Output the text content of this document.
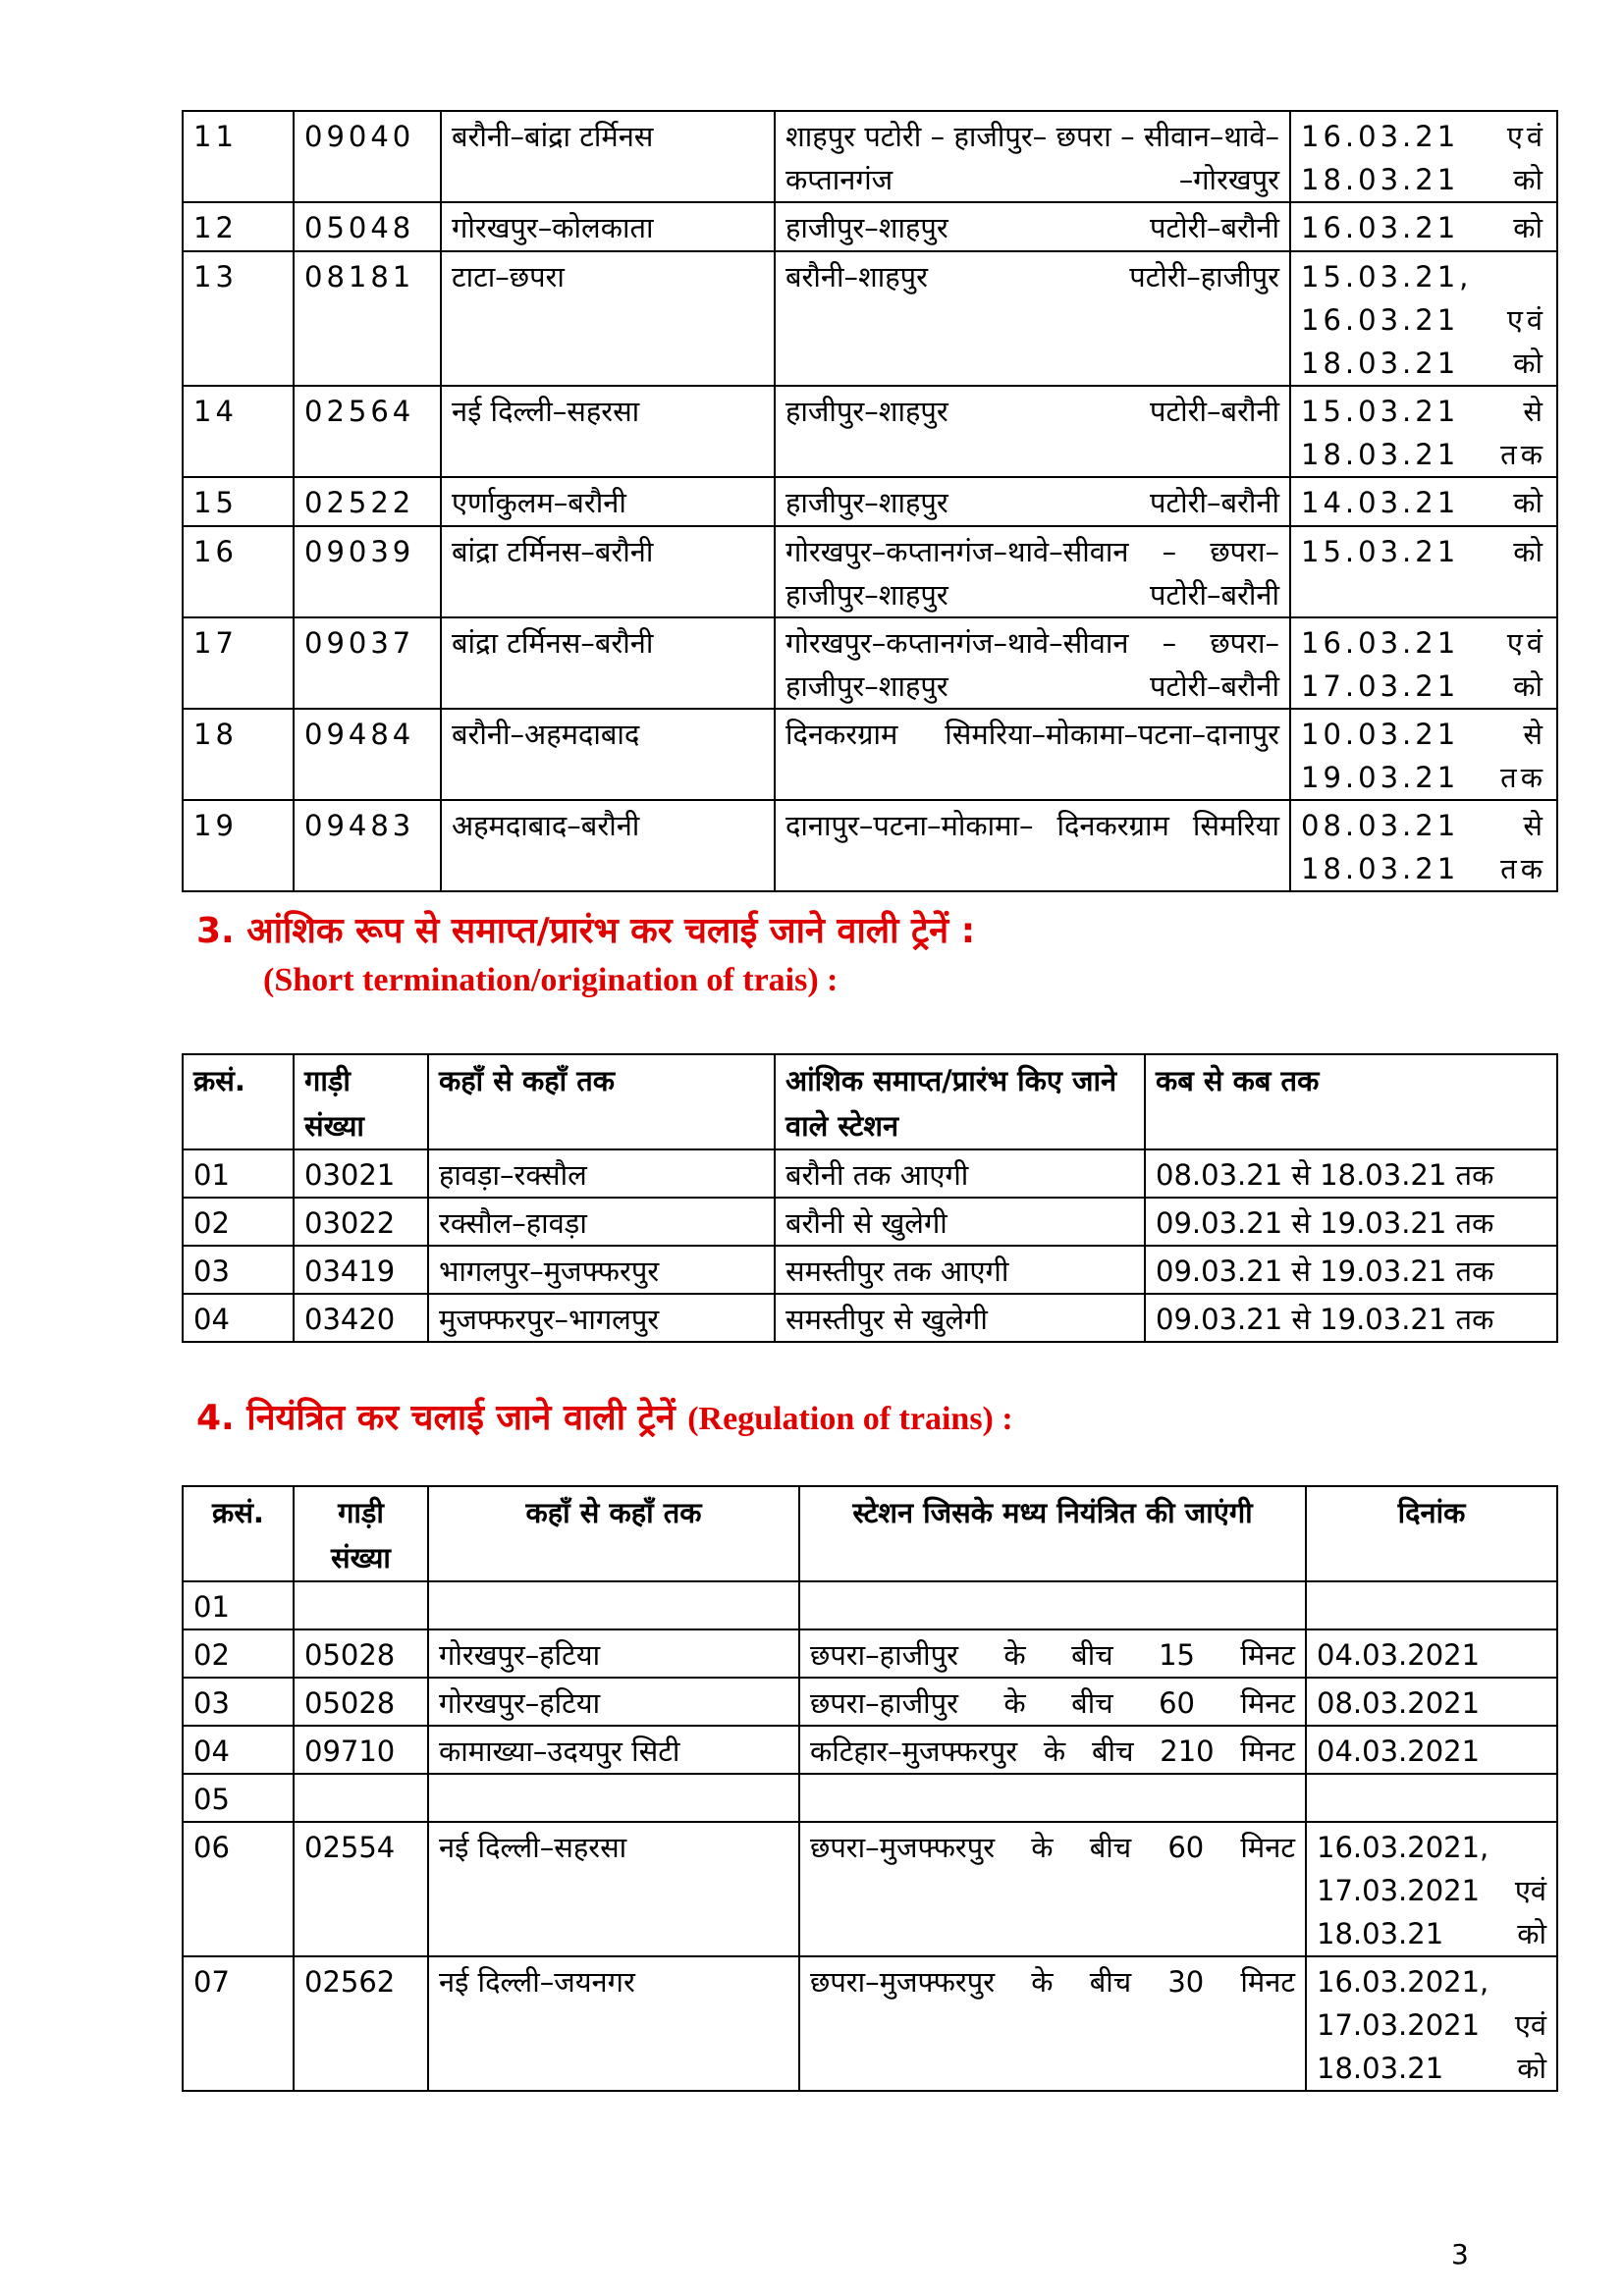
11	09040	बरौनी–बांद्रा टर्मिनस	शाहपुर पटोरी – हाजीपुर– छपरा – सीवान–थावे–कप्तानगंज –गोरखपुर	16.03.21 एवं 18.03.21 को
12	05048	गोरखपुर–कोलकाता	हाजीपुर–शाहपुर पटोरी–बरौनी	16.03.21 को
13	08181	टाटा–छपरा	बरौनी–शाहपुर पटोरी–हाजीपुर	15.03.21, 16.03.21 एवं 18.03.21 को
14	02564	नई दिल्ली–सहरसा	हाजीपुर–शाहपुर पटोरी–बरौनी	15.03.21 से 18.03.21 तक
15	02522	एर्णाकुलम–बरौनी	हाजीपुर–शाहपुर पटोरी–बरौनी	14.03.21 को
16	09039	बांद्रा टर्मिनस–बरौनी	गोरखपुर–कप्तानगंज–थावे–सीवान – छपरा–हाजीपुर–शाहपुर पटोरी–बरौनी	15.03.21 को
17	09037	बांद्रा टर्मिनस–बरौनी	गोरखपुर–कप्तानगंज–थावे–सीवान – छपरा–हाजीपुर–शाहपुर पटोरी–बरौनी	16.03.21 एवं 17.03.21 को
18	09484	बरौनी–अहमदाबाद	दिनकरग्राम सिमरिया–मोकामा–पटना–दानापुर	10.03.21 से 19.03.21 तक
19	09483	अहमदाबाद–बरौनी	दानापुर–पटना–मोकामा– दिनकरग्राम सिमरिया	08.03.21 से 18.03.21 तक
3. आंशिक रूप से समाप्त/प्रारंभ कर चलाई जाने वाली ट्रेनें :
(Short termination/origination of trais) :
क्रसं.	गाड़ी संख्या	कहाँ से कहाँ तक	आंशिक समाप्त/प्रारंभ किए जाने वाले स्टेशन	कब से कब तक
01	03021	हावड़ा–रक्सौल	बरौनी तक आएगी	08.03.21 से 18.03.21 तक
02	03022	रक्सौल–हावड़ा	बरौनी से खुलेगी	09.03.21 से 19.03.21 तक
03	03419	भागलपुर–मुजफ्फरपुर	समस्तीपुर तक आएगी	09.03.21 से 19.03.21 तक
04	03420	मुजफ्फरपुर–भागलपुर	समस्तीपुर से खुलेगी	09.03.21 से 19.03.21 तक
4. नियंत्रित कर चलाई जाने वाली ट्रेनें (Regulation of trains) :
क्रसं.	गाड़ी संख्या	कहाँ से कहाँ तक	स्टेशन जिसके मध्य नियंत्रित की जाएंगी	दिनांक
01				
02	05028	गोरखपुर–हटिया	छपरा–हाजीपुर के बीच 15 मिनट	04.03.2021
03	05028	गोरखपुर–हटिया	छपरा–हाजीपुर के बीच 60 मिनट	08.03.2021
04	09710	कामाख्या–उदयपुर सिटी	कटिहार–मुजफ्फरपुर के बीच 210 मिनट	04.03.2021
05				
06	02554	नई दिल्ली–सहरसा	छपरा–मुजफ्फरपुर के बीच 60 मिनट	16.03.2021, 17.03.2021 एवं 18.03.21 को
07	02562	नई दिल्ली–जयनगर	छपरा–मुजफ्फरपुर के बीच 30 मिनट	16.03.2021, 17.03.2021 एवं 18.03.21 को
3
